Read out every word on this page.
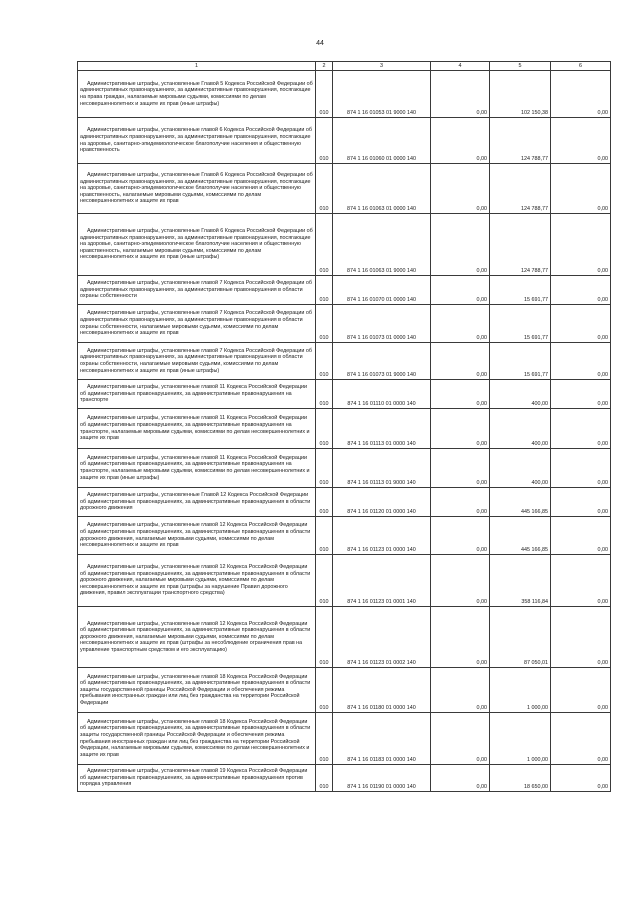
44
1	2	3	4	5	6

Административные штрафы, установленные Главой 5 Кодекса Российской Федерации об административных правонарушениях, за административные правонарушения, посягающие на права граждан, налагаемые мировыми судьями, комиссиями по делам несовершеннолетних и защите их прав (иные штрафы)	010	874 1 16 01053 01 9000 140	0,00	102 150,38	0,00

Административные штрафы, установленные главой 6 Кодекса Российской Федерации об административных правонарушениях, за административные правонарушения, посягающие на здоровье, санитарно-эпидемиологическое благополучие населения и общественную нравственность	010	874 1 16 01060 01 0000 140	0,00	124 788,77	0,00

Административные штрафы, установленные Главой 6 Кодекса Российской Федерации об административных правонарушениях, за административные правонарушения, посягающие на здоровье, санитарно-эпидемиологическое благополучие населения и общественную нравственность, налагаемые мировыми судьями, комиссиями по делам несовершеннолетних и защите их прав	010	874 1 16 01063 01 0000 140	0,00	124 788,77	0,00

Административные штрафы, установленные Главой 6 Кодекса Российской Федерации об административных правонарушениях, за административные правонарушения, посягающие на здоровье, санитарно-эпидемиологическое благополучие населения и общественную нравственность, налагаемые мировыми судьями, комиссиями по делам несовершеннолетних и защите их прав (иные штрафы)	010	874 1 16 01063 01 9000 140	0,00	124 788,77	0,00

Административные штрафы, установленные главой 7 Кодекса Российской Федерации об административных правонарушениях, за административные правонарушения в области охраны собственности	010	874 1 16 01070 01 0000 140	0,00	15 691,77	0,00

Административные штрафы, установленные главой 7 Кодекса Российской Федерации об административных правонарушениях, за административные правонарушения в области охраны собственности, налагаемые мировыми судьями, комиссиями по делам несовершеннолетних и защите их прав	010	874 1 16 01073 01 0000 140	0,00	15 691,77	0,00

Административные штрафы, установленные главой 7 Кодекса Российской Федерации об административных правонарушениях, за административные правонарушения в области охраны собственности, налагаемые мировыми судьями, комиссиями по делам несовершеннолетних и защите их прав (иные штрафы)	010	874 1 16 01073 01 9000 140	0,00	15 691,77	0,00

Административные штрафы, установленные главой 11 Кодекса Российской Федерации об административных правонарушениях, за административные правонарушения на транспорте	010	874 1 16 01110 01 0000 140	0,00	400,00	0,00

Административные штрафы, установленные главой 11 Кодекса Российской Федерации об административных правонарушениях, за административные правонарушения на транспорте, налагаемые мировыми судьями, комиссиями по делам несовершеннолетних и защите их прав	010	874 1 16 01113 01 0000 140	0,00	400,00	0,00

Административные штрафы, установленные главой 11 Кодекса Российской Федерации об административных правонарушениях, за административные правонарушения на транспорте, налагаемые мировыми судьями, комиссиями по делам несовершеннолетних и защите их прав (иные штрафы)	010	874 1 16 01113 01 9000 140	0,00	400,00	0,00

Административные штрафы, установленные Главой 12 Кодекса Российской Федерации об административных правонарушениях, за административные правонарушения в области дорожного движения	010	874 1 16 01120 01 0000 140	0,00	445 166,85	0,00

Административные штрафы, установленные главой 12 Кодекса Российской Федерации об административных правонарушениях, за административные правонарушения в области дорожного движения, налагаемые мировыми судьями, комиссиями по делам несовершеннолетних и защите их прав	010	874 1 16 01123 01 0000 140	0,00	445 166,85	0,00

Административные штрафы, установленные главой 12 Кодекса Российской Федерации об административных правонарушениях, за административные правонарушения в области дорожного движения, налагаемые мировыми судьями, комиссиями по делам несовершеннолетних и защите их прав (штрафы за нарушение Правил дорожного движения, правил эксплуатации транспортного средства)	010	874 1 16 01123 01 0001 140	0,00	358 116,84	0,00

Административные штрафы, установленные главой 12 Кодекса Российской Федерации об административных правонарушениях, за административные правонарушения в области дорожного движения, налагаемые мировыми судьями, комиссиями по делам несовершеннолетних и защите их прав (штрафы за несоблюдение ограничения прав на управление транспортным средством и его эксплуатацию)	010	874 1 16 01123 01 0002 140	0,00	87 050,01	0,00

Административные штрафы, установленные главой 18 Кодекса Российской Федерации об административных правонарушениях, за административные правонарушения в области защиты государственной границы Российской Федерации и обеспечения режима пребывания иностранных граждан или лиц без гражданства на территории Российской Федерации	010	874 1 16 01180 01 0000 140	0,00	1 000,00	0,00

Административные штрафы, установленные главой 18 Кодекса Российской Федерации об административных правонарушениях, за административные правонарушения в области защиты государственной границы Российской Федерации и обеспечения режима пребывания иностранных граждан или лиц без гражданства на территории Российской Федерации, налагаемые мировыми судьями, комиссиями по делам несовершеннолетних и защите их прав	010	874 1 16 01183 01 0000 140	0,00	1 000,00	0,00

Административные штрафы, установленные главой 19 Кодекса Российской Федерации об административных правонарушениях, за административные правонарушения против порядка управления	010	874 1 16 01190 01 0000 140	0,00	18 650,00	0,00
